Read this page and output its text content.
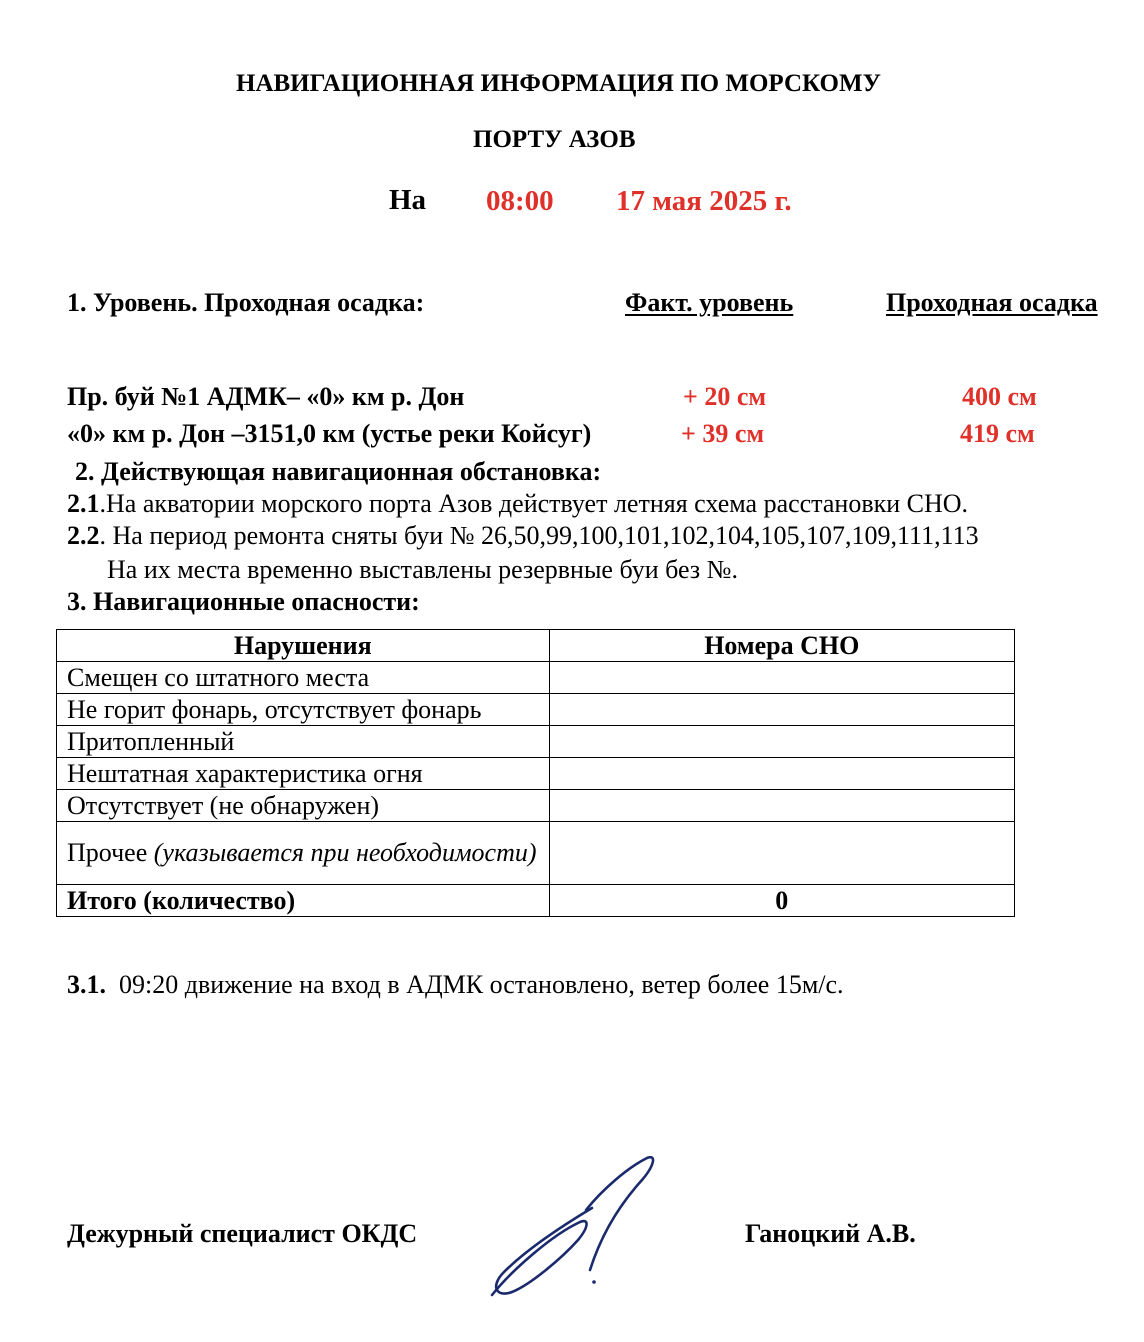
НАВИГАЦИОННАЯ ИНФОРМАЦИЯ ПО МОРСКОМУ
ПОРТУ АЗОВ
На 08:00 17 мая 2025 г.
1. Уровень. Проходная осадка:	Факт. уровень	Проходная осадка
Пр. буй №1 АДМК– «0» км р. Дон	+ 20 см	400 см
«0» км р. Дон –3151,0 км (устье реки Койсуг)	+ 39 см	419 см
2. Действующая навигационная обстановка:
2.1.На акватории морского порта Азов действует летняя схема расстановки СНО.
2.2. На период ремонта сняты буи № 26,50,99,100,101,102,104,105,107,109,111,113
На их места временно выставлены резервные буи без №.
3. Навигационные опасности:
Нарушения	Номера СНО
Смещен со штатного места	
Не горит фонарь, отсутствует фонарь	
Притопленный	
Нештатная характеристика огня	
Отсутствует (не обнаружен)	
Прочее (указывается при необходимости)	
Итого (количество)	0
3.1. 09:20 движение на вход в АДМК остановлено, ветер более 15м/с.
Дежурный специалист ОКДС	Ганоцкий А.В.
